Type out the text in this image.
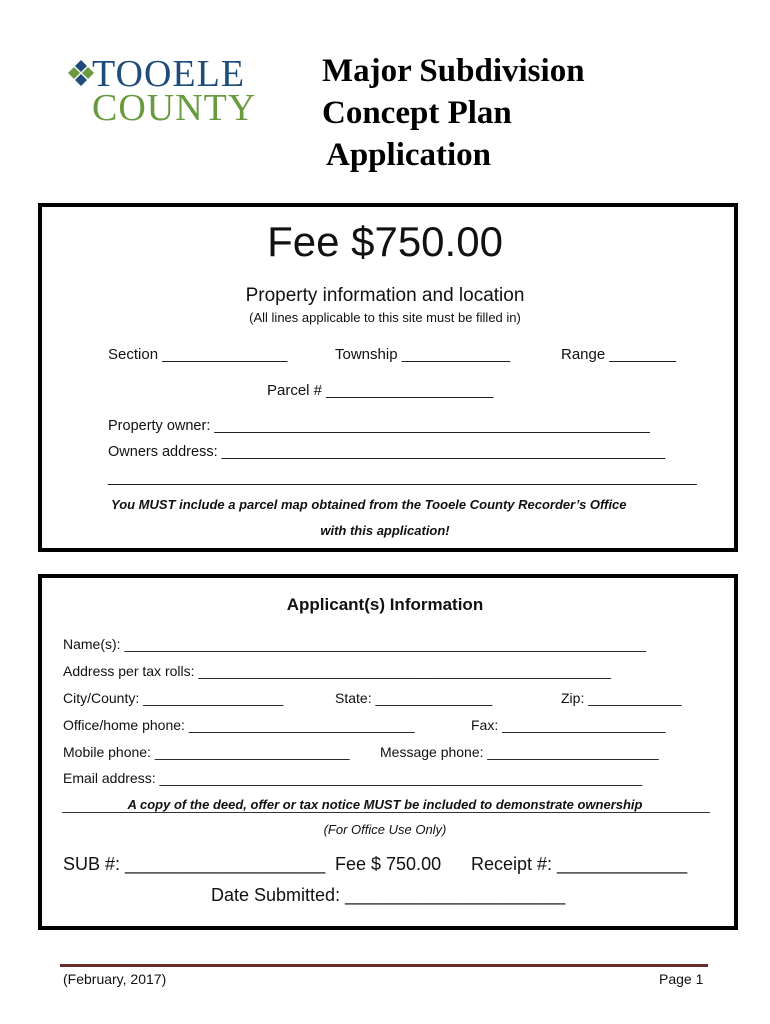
TOOELE
COUNTY
Major Subdivision
Concept Plan
Application
Fee $750.00
Property information and location
(All lines applicable to this site must be filled in)
Section _______________	Township _____________	Range ________
Parcel # ____________________
Property owner: ______________________________________________________
Owners address: _______________________________________________________
_________________________________________________________________________
You MUST include a parcel map obtained from the Tooele County Recorder’s Office
with this application!
Applicant(s) Information
Name(s): ___________________________________________________________________
Address per tax rolls: _____________________________________________________
City/County: __________________	State: _______________	Zip: ____________
Office/home phone: _____________________________	Fax: _____________________
Mobile phone: _________________________ Message phone: ______________________
Email address: ______________________________________________________________
A copy of the deed, offer or tax notice MUST be included to demonstrate ownership
(For Office Use Only)
SUB #: ____________________ Fee $ 750.00 Receipt #: _____________
Date Submitted: ______________________
(February, 2017)	Page 1
